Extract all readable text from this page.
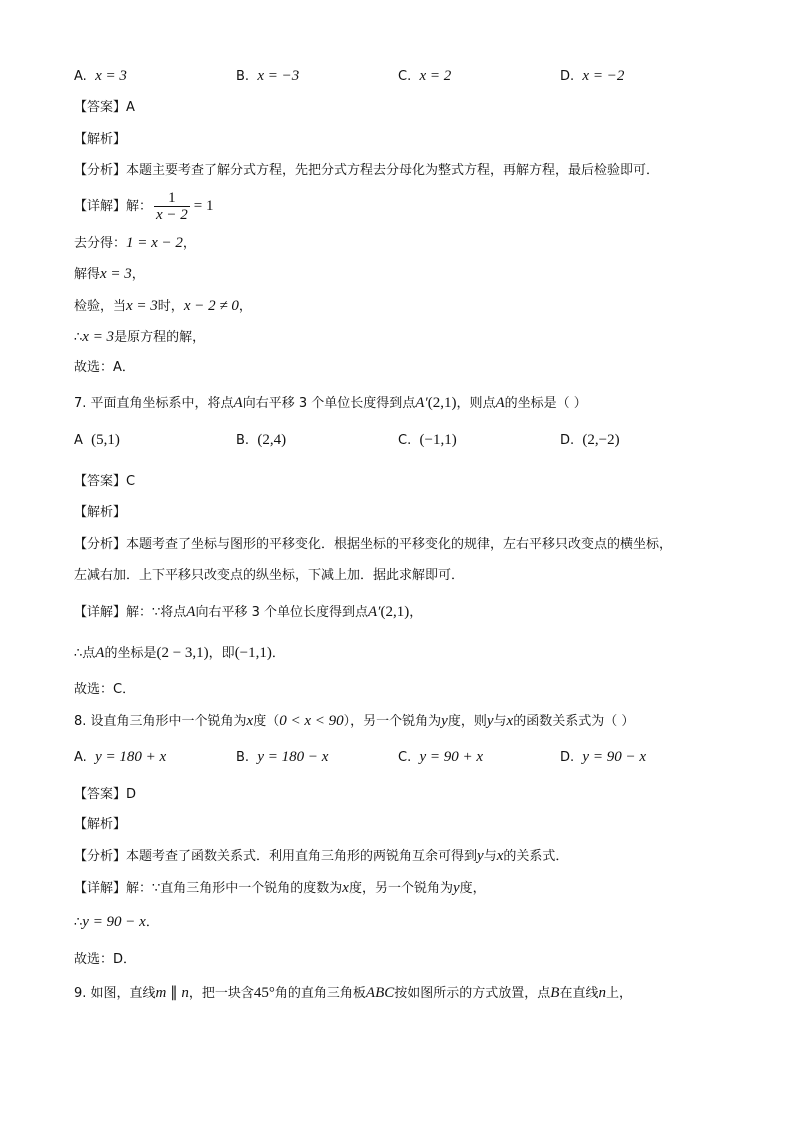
A. x = 3	B. x = −3	C. x = 2	D. x = −2
【答案】A
【解析】
【分析】本题主要考查了解分式方程，先把分式方程去分母化为整式方程，再解方程，最后检验即可．
【详解】解： $\frac{1}{x - 2} = 1$
去分得：1 = x − 2，
解得x = 3，
检验，当x = 3时，x − 2 ≠ 0，
∴x = 3是原方程的解，
故选：A．
7. 平面直角坐标系中，将点A向右平移 3 个单位长度得到点A′(2,1)，则点A的坐标是（ ）
A (5,1)	B. (2,4)	C. (−1,1)	D. (2,−2)
【答案】C
【解析】
【分析】本题考查了坐标与图形的平移变化．根据坐标的平移变化的规律，左右平移只改变点的横坐标，
左减右加．上下平移只改变点的纵坐标，下减上加．据此求解即可．
【详解】解：∵将点A向右平移 3 个单位长度得到点A′(2,1)，
∴点A的坐标是(2 − 3,1)，即(−1,1)．
故选：C．
8. 设直角三角形中一个锐角为x度（0 < x < 90），另一个锐角为y度，则y与x的函数关系式为（ ）
A. y = 180 + x	B. y = 180 − x	C. y = 90 + x	D. y = 90 − x
【答案】D
【解析】
【分析】本题考查了函数关系式．利用直角三角形的两锐角互余可得到y与x的关系式．
【详解】解：∵直角三角形中一个锐角的度数为x度，另一个锐角为y度，
∴y = 90 − x．
故选：D．
9. 如图，直线m ∥ n，把一块含45°角的直角三角板ABC按如图所示的方式放置，点B在直线n上，
